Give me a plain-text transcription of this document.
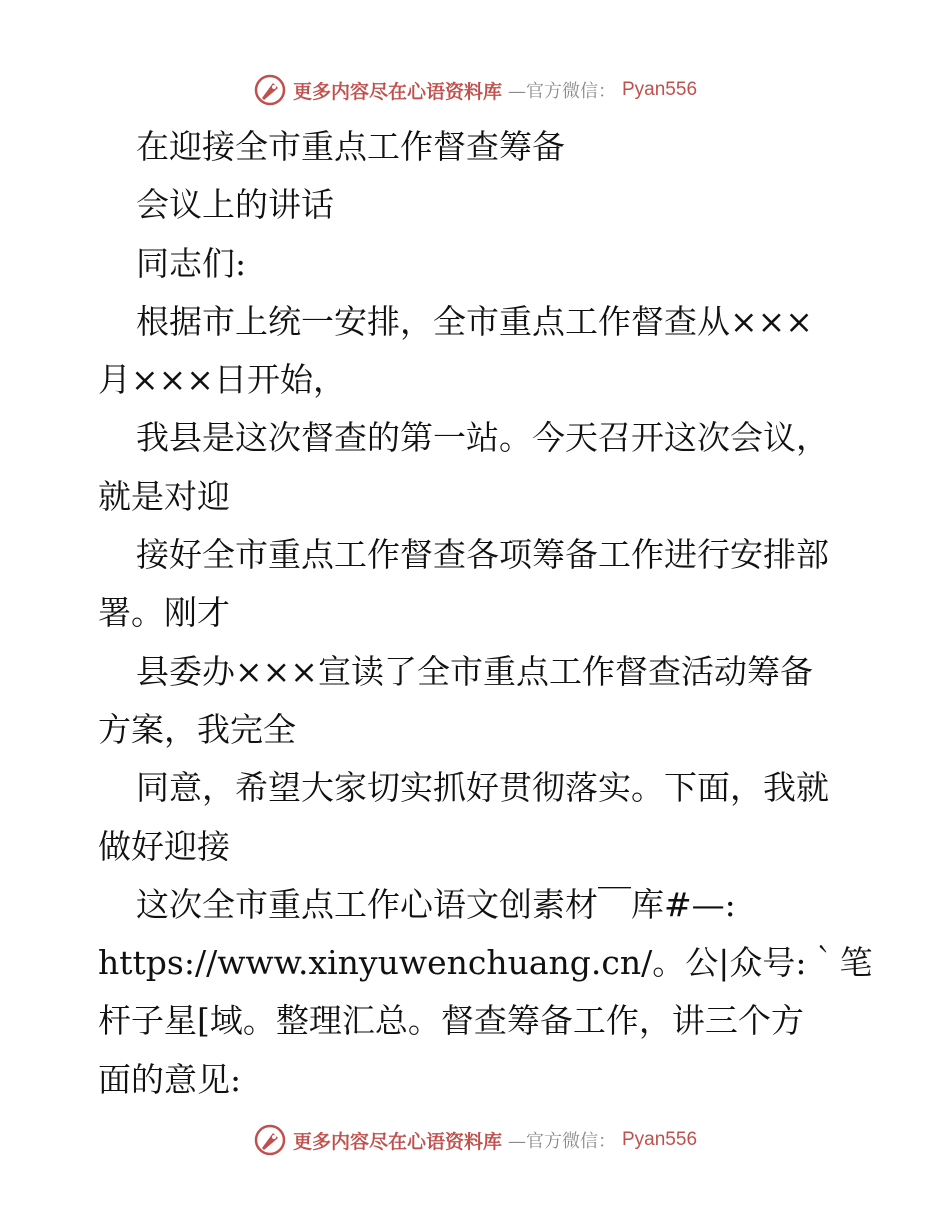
更多内容尽在心语资料库 —官方微信： Pyan556
在迎接全市重点工作督查筹备
会议上的讲话
同志们:
根据市上统一安排，全市重点工作督查从×××
月×××日开始，
我县是这次督查的第一站。今天召开这次会议，
就是对迎
接好全市重点工作督查各项筹备工作进行安排部
署。刚才
县委办×××宣读了全市重点工作督查活动筹备
方案，我完全
同意，希望大家切实抓好贯彻落实。下面，我就
做好迎接
这次全市重点工作心语文创素材￣库#—:
https://www.xinyuwenchuang.cn/。公|众号:｀笔
杆子星[域。整理汇总。督查筹备工作，讲三个方
面的意见:
更多内容尽在心语资料库 —官方微信： Pyan556
